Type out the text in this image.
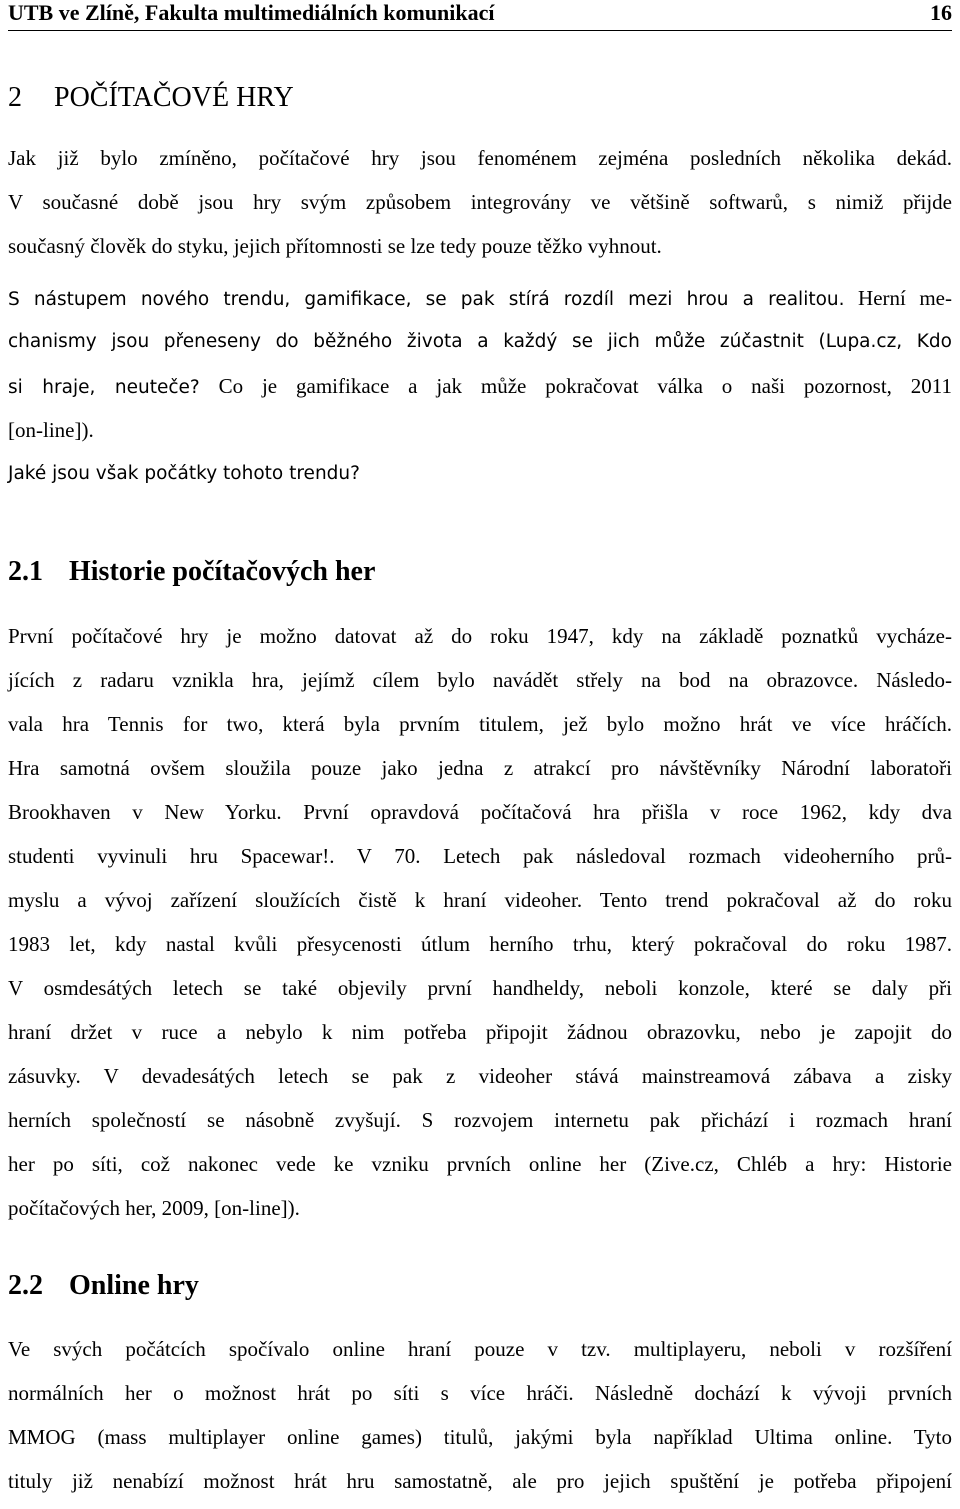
UTB ve Zlíně, Fakulta multimediálních komunikací	16
2 POČÍTAČOVÉ HRY
Jak již bylo zmíněno, počítačové hry jsou fenoménem zejména posledních několika dekád.
V současné době jsou hry svým způsobem integrovány ve většině softwarů, s nimiž přijde
současný člověk do styku, jejich přítomnosti se lze tedy pouze těžko vyhnout.
S nástupem nového trendu, gamifikace, se pak stírá rozdíl mezi hrou a realitou. Herní me-
chanismy jsou přeneseny do běžného života a každý se jich může zúčastnit (Lupa.cz, Kdo
si hraje, neuteče? Co je gamifikace a jak může pokračovat válka o naši pozornost, 2011
[on-line]).
Jaké jsou však počátky tohoto trendu?
2.1 Historie počítačových her
První počítačové hry je možno datovat až do roku 1947, kdy na základě poznatků vycháze-
jících z radaru vznikla hra, jejímž cílem bylo navádět střely na bod na obrazovce. Následo-
vala hra Tennis for two, která byla prvním titulem, jež bylo možno hrát ve více hráčích.
Hra samotná ovšem sloužila pouze jako jedna z atrakcí pro návštěvníky Národní laboratoři
Brookhaven v New Yorku. První opravdová počítačová hra přišla v roce 1962, kdy dva
studenti vyvinuli hru Spacewar!. V 70. Letech pak následoval rozmach videoherního prů-
myslu a vývoj zařízení sloužících čistě k hraní videoher. Tento trend pokračoval až do roku
1983 let, kdy nastal kvůli přesycenosti útlum herního trhu, který pokračoval do roku 1987.
V osmdesátých letech se také objevily první handheldy, neboli konzole, které se daly při
hraní držet v ruce a nebylo k nim potřeba připojit žádnou obrazovku, nebo je zapojit do
zásuvky. V devadesátých letech se pak z videoher stává mainstreamová zábava a zisky
herních společností se násobně zvyšují. S rozvojem internetu pak přichází i rozmach hraní
her po síti, což nakonec vede ke vzniku prvních online her (Zive.cz, Chléb a hry: Historie
počítačových her, 2009, [on-line]).
2.2 Online hry
Ve svých počátcích spočívalo online hraní pouze v tzv. multiplayeru, neboli v rozšíření
normálních her o možnost hrát po síti s více hráči. Následně dochází k vývoji prvních
MMOG (mass multiplayer online games) titulů, jakými byla například Ultima online. Tyto
tituly již nenabízí možnost hrát hru samostatně, ale pro jejich spuštění je potřeba připojení
